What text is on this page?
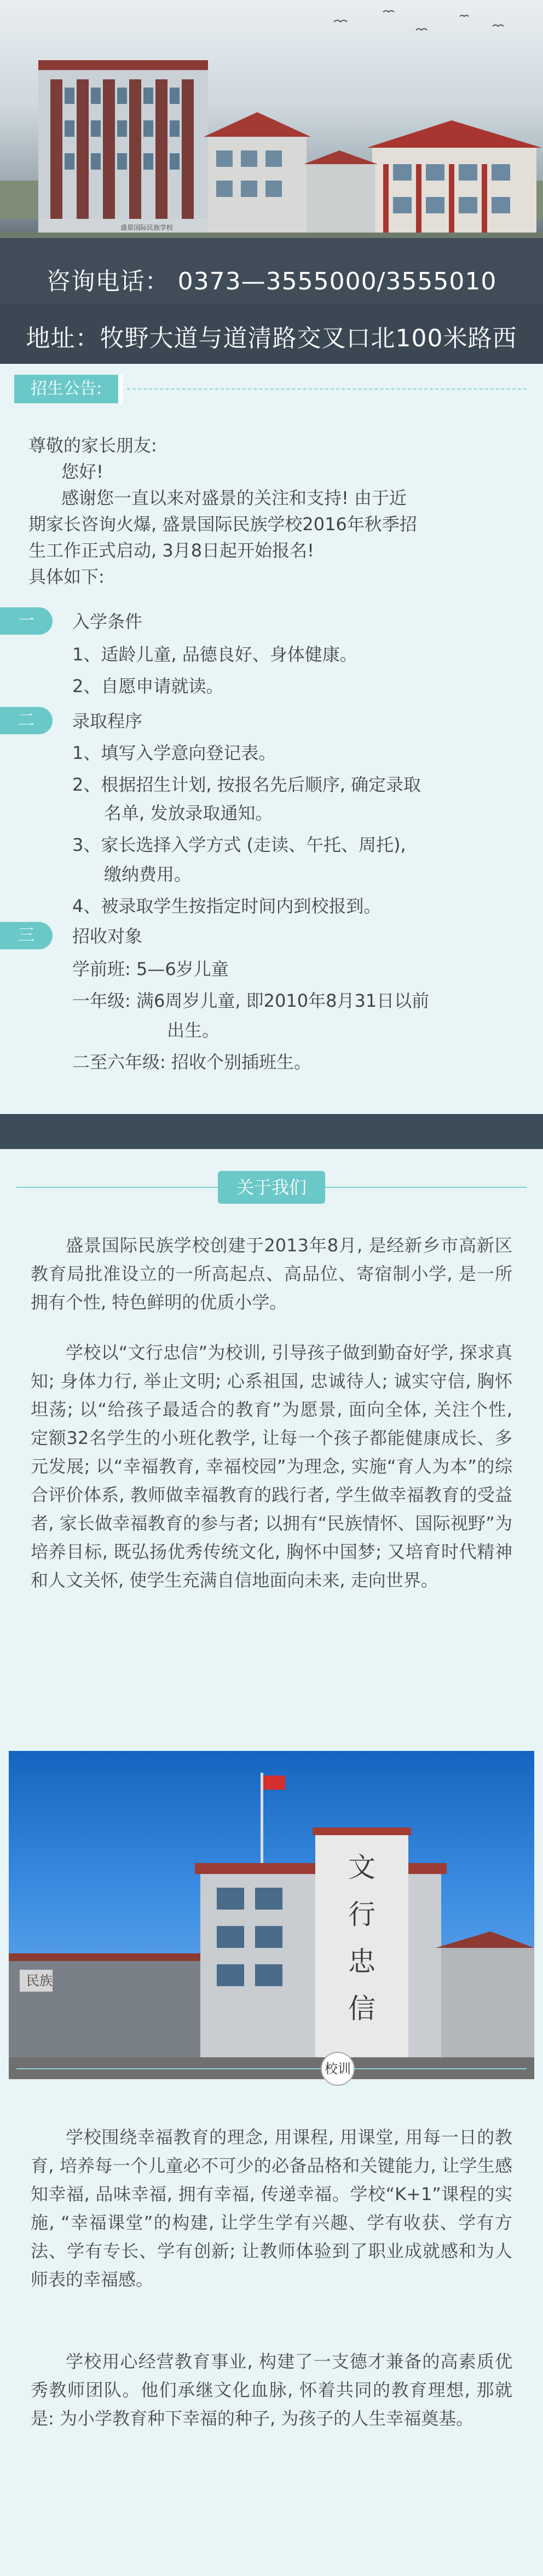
盛景国际民族学校
咨询电话： 0373—3555000/3555010
地址：牧野大道与道清路交叉口北100米路西
招生公告:

尊敬的家长朋友:

您好!

感谢您一直以来对盛景的关注和支持! 由于近

期家长咨询火爆, 盛景国际民族学校2016年秋季招

生工作正式启动, 3月8日起开始报名!

具体如下:

一	入学条件

1、适龄儿童, 品德良好、身体健康。

2、自愿申请就读。

二	录取程序

1、填写入学意向登记表。

2、根据招生计划, 按报名先后顺序, 确定录取

名单, 发放录取通知。

3、家长选择入学方式 (走读、午托、周托),

缴纳费用。

4、被录取学生按指定时间内到校报到。

三	招收对象

学前班: 5—6岁儿童

一年级: 满6周岁儿童, 即2010年8月31日以前

出生。

二至六年级: 招收个别插班生。

关于我们

盛景国际民族学校创建于2013年8月, 是经新乡市高新区教育局批准设立的一所高起点、高品位、寄宿制小学, 是一所拥有个性, 特色鲜明的优质小学。

学校以“文行忠信”为校训, 引导孩子做到勤奋好学, 探求真知; 身体力行, 举止文明; 心系祖国, 忠诚待人; 诚实守信, 胸怀坦荡; 以“给孩子最适合的教育”为愿景, 面向全体, 关注个性, 定额32名学生的小班化教学, 让每一个孩子都能健康成长、多元发展; 以“幸福教育, 幸福校园”为理念, 实施“育人为本”的综合评价体系, 教师做幸福教育的践行者, 学生做幸福教育的受益者, 家长做幸福教育的参与者; 以拥有“民族情怀、国际视野”为培养目标, 既弘扬优秀传统文化, 胸怀中国梦; 又培育时代精神和人文关怀, 使学生充满自信地面向未来, 走向世界。

民族
文
行
忠
信
校训

学校围绕幸福教育的理念, 用课程, 用课堂, 用每一日的教育, 培养每一个儿童必不可少的必备品格和关键能力, 让学生感知幸福, 品味幸福, 拥有幸福, 传递幸福。学校“K+1”课程的实施, “幸福课堂”的构建, 让学生学有兴趣、学有收获、学有方法、学有专长、学有创新; 让教师体验到了职业成就感和为人师表的幸福感。

学校用心经营教育事业, 构建了一支德才兼备的高素质优秀教师团队。他们承继文化血脉, 怀着共同的教育理想, 那就是: 为小学教育种下幸福的种子, 为孩子的人生幸福奠基。
